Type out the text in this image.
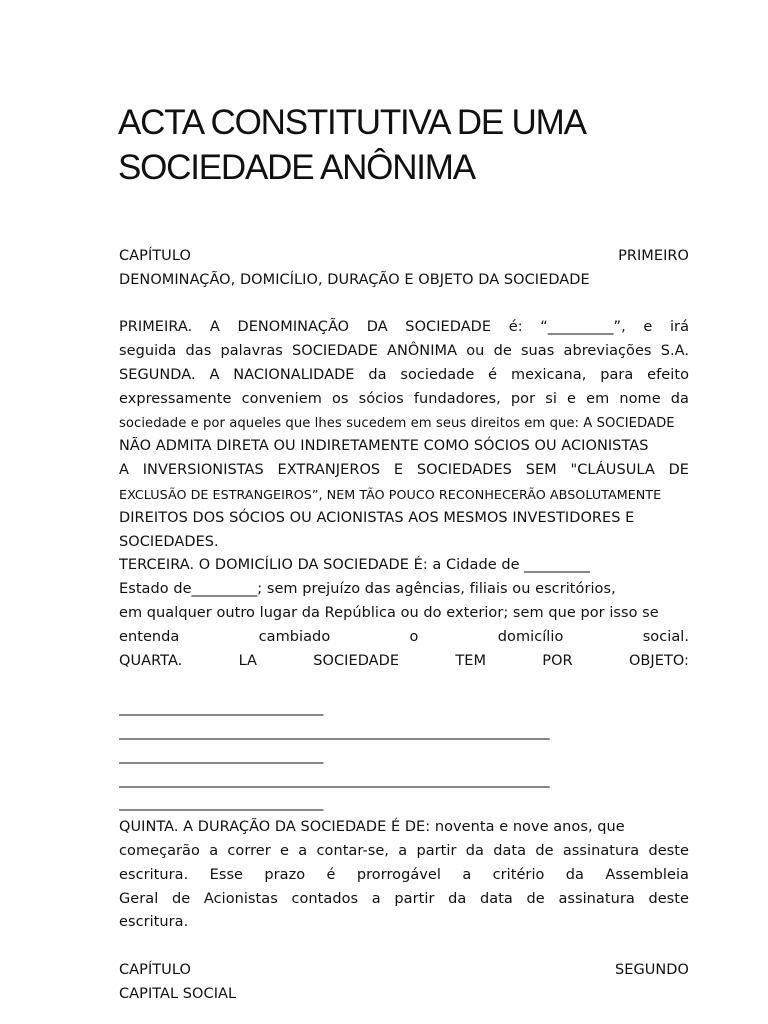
ACTA CONSTITUTIVA DE UMA
SOCIEDADE ANÔNIMA
CAPÍTULO	PRIMEIRO
DENOMINAÇÃO, DOMICÍLIO, DURAÇÃO E OBJETO DA SOCIEDADE
PRIMEIRA. A DENOMINAÇÃO DA SOCIEDADE é: “_________”, e irá
seguida das palavras SOCIEDADE ANÔNIMA ou de suas abreviações S.A.
SEGUNDA. A NACIONALIDADE da sociedade é mexicana, para efeito
expressamente conveniem os sócios fundadores, por si e em nome da
sociedade e por aqueles que lhes sucedem em seus direitos em que: A SOCIEDADE
NÃO ADMITA DIRETA OU INDIRETAMENTE COMO SÓCIOS OU ACIONISTAS
A INVERSIONISTAS EXTRANJEROS E SOCIEDADES SEM "CLÁUSULA DE
EXCLUSÃO DE ESTRANGEIROS”, NEM TÃO POUCO RECONHECERÃO ABSOLUTAMENTE
DIREITOS DOS SÓCIOS OU ACIONISTAS AOS MESMOS INVESTIDORES E
SOCIEDADES.
TERCEIRA. O DOMICÍLIO DA SOCIEDADE É: a Cidade de _________
Estado de_________; sem prejuízo das agências, filiais ou escritórios,
em qualquer outro lugar da República ou do exterior; sem que por isso se
entenda cambiado o domicílio social.
QUARTA. LA SOCIEDADE TEM POR OBJETO:
____________________________
___________________________________________________________
____________________________
___________________________________________________________
____________________________
QUINTA. A DURAÇÃO DA SOCIEDADE É DE: noventa e nove anos, que
começarão a correr e a contar-se, a partir da data de assinatura deste
escritura. Esse prazo é prorrogável a critério da Assembleia
Geral de Acionistas contados a partir da data de assinatura deste
escritura.
CAPÍTULO	SEGUNDO
CAPITAL SOCIAL
